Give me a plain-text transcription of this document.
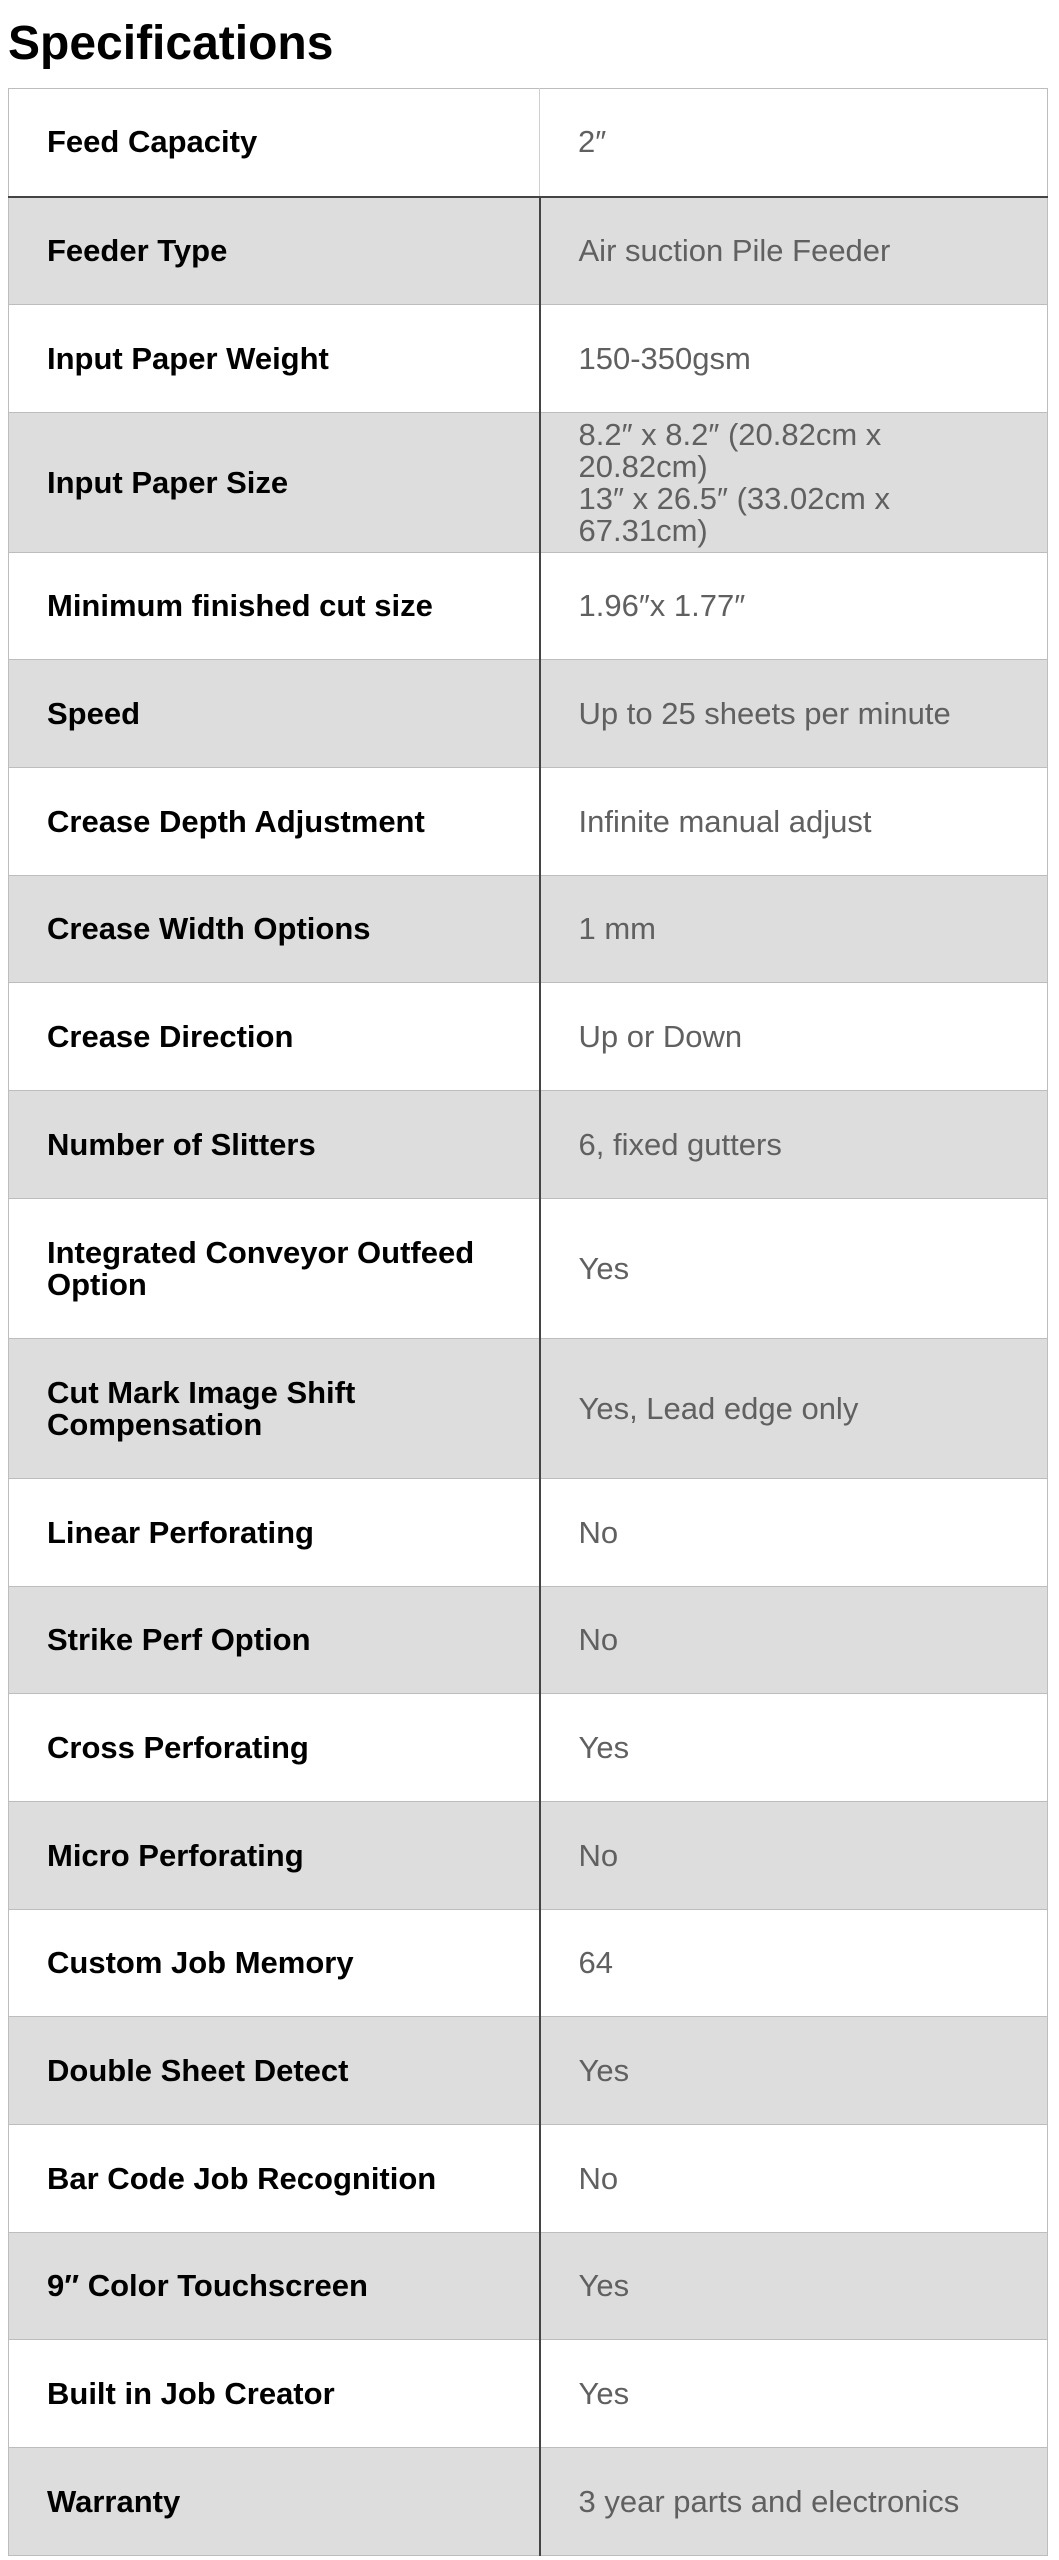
Specifications
Feed Capacity	2″
Feeder Type	Air suction Pile Feeder
Input Paper Weight	150-350gsm
Input Paper Size	8.2″ x 8.2″ (20.82cm x 20.82cm)
13″ x 26.5″ (33.02cm x 67.31cm)
Minimum finished cut size	1.96″x 1.77″
Speed	Up to 25 sheets per minute
Crease Depth Adjustment	Infinite manual adjust
Crease Width Options	1 mm
Crease Direction	Up or Down
Number of Slitters	6, fixed gutters
Integrated Conveyor Outfeed Option	Yes
Cut Mark Image Shift Compensation	Yes, Lead edge only
Linear Perforating	No
Strike Perf Option	No
Cross Perforating	Yes
Micro Perforating	No
Custom Job Memory	64
Double Sheet Detect	Yes
Bar Code Job Recognition	No
9″ Color Touchscreen	Yes
Built in Job Creator	Yes
Warranty	3 year parts and electronics
